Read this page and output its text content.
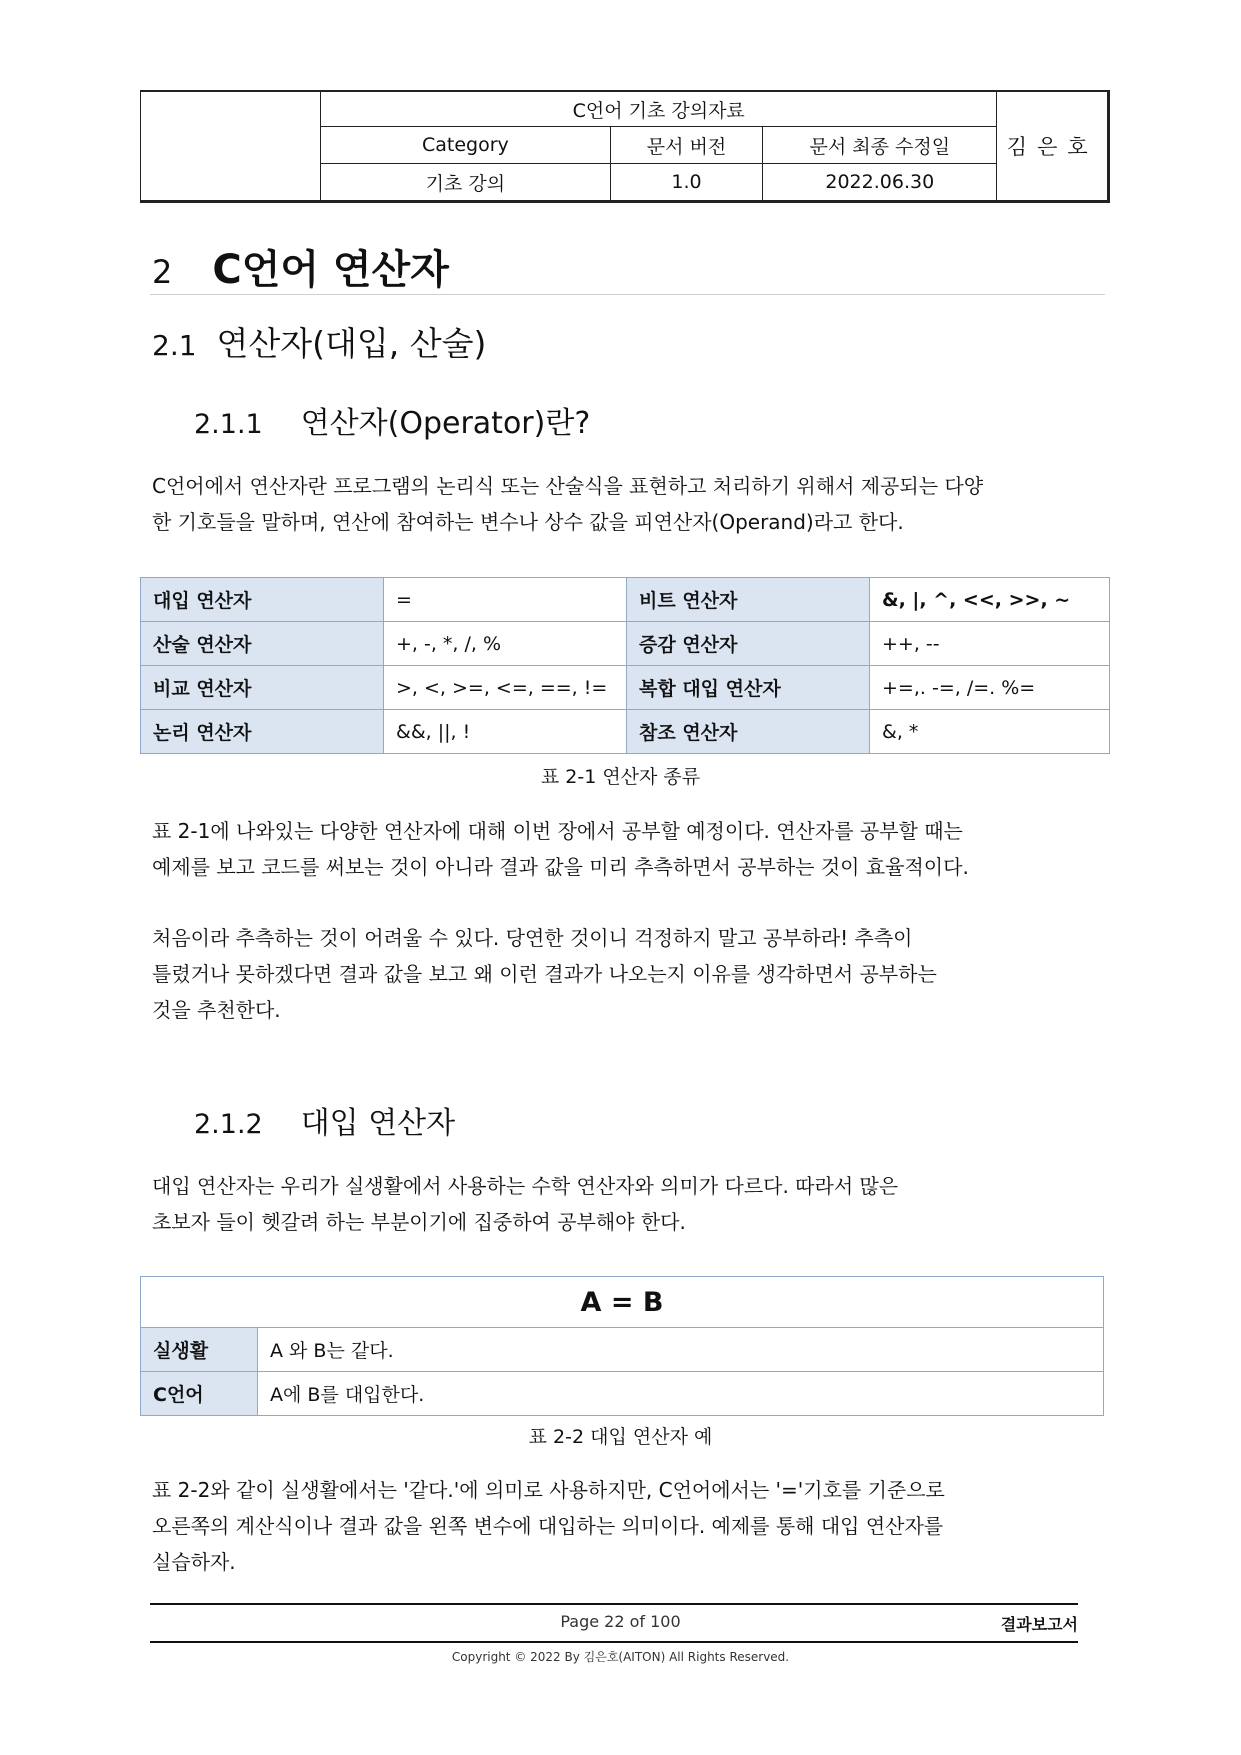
	C언어 기초 강의자료			김은호
	Category	문서 버전	문서 최종 수정일	
	기초 강의	1.0	2022.06.30	
2 C언어 연산자
2.1 연산자(대입, 산술)
2.1.1 연산자(Operator)란?

C언어에서 연산자란 프로그램의 논리식 또는 산술식을 표현하고 처리하기 위해서 제공되는 다양

한 기호들을 말하며, 연산에 참여하는 변수나 상수 값을 피연산자(Operand)라고 한다.

대입 연산자	=	비트 연산자	&, |, ^, <<, >>, ~
산술 연산자	+, -, *, /, %	증감 연산자	++, --
비교 연산자	>, <, >=, <=, ==, !=	복합 대입 연산자	+=,. -=, /=. %=
논리 연산자	&&, ||, !	참조 연산자	&, *
표 2-1 연산자 종류

표 2-1에 나와있는 다양한 연산자에 대해 이번 장에서 공부할 예정이다. 연산자를 공부할 때는

예제를 보고 코드를 써보는 것이 아니라 결과 값을 미리 추측하면서 공부하는 것이 효율적이다.

처음이라 추측하는 것이 어려울 수 있다. 당연한 것이니 걱정하지 말고 공부하라! 추측이

틀렸거나 못하겠다면 결과 값을 보고 왜 이런 결과가 나오는지 이유를 생각하면서 공부하는

것을 추천한다.

2.1.2 대입 연산자

대입 연산자는 우리가 실생활에서 사용하는 수학 연산자와 의미가 다르다. 따라서 많은

초보자 들이 헷갈려 하는 부분이기에 집중하여 공부해야 한다.

A = B	
실생활	A 와 B는 같다.
C언어	A에 B를 대입한다.
표 2-2 대입 연산자 예

표 2-2와 같이 실생활에서는 '같다.'에 의미로 사용하지만, C언어에서는 '='기호를 기준으로

오른쪽의 계산식이나 결과 값을 왼쪽 변수에 대입하는 의미이다. 예제를 통해 대입 연산자를

실습하자.

Page 22 of 100	결과보고서
Copyright © 2022 By 김은호(AITON) All Rights Reserved.
